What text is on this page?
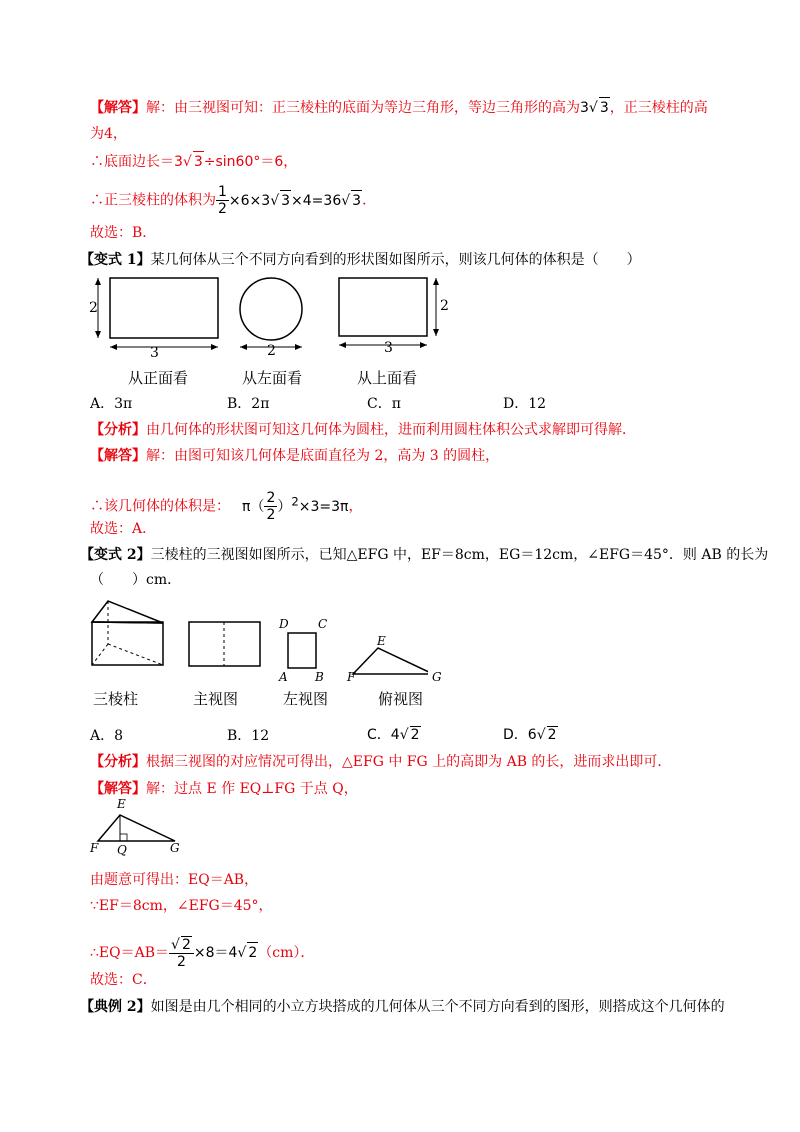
【解答】解：由三视图可知：正三棱柱的底面为等边三角形，等边三角形的高为3√ 3，正三棱柱的高
为4，
∴底面边长＝3√ 3÷sin60°＝6，
∴正三棱柱的体积为 $\frac{1}{2} \times 6\times 3√$ 3×4=36√ 3．
故选：B．
【变式 1】某几何体从三个不同方向看到的形状图如图所示，则该几何体的体积是（　　）
2
3	2
2
3
从正面看	从左面看	从上面看
A．3π	B．2π	C．π	D．12
【分析】由几何体的形状图可知这几何体为圆柱，进而利用圆柱体积公式求解即可得解．
【解答】解：由图可知该几何体是底面直径为 2，高为 3 的圆柱，
∴该几何体的体积是： $\pi( \frac{2}{2} )^2\times 3=3\pi$，
故选：A．
【变式 2】三棱柱的三视图如图所示，已知△EFG 中，EF＝8cm，EG＝12cm，∠EFG＝45°．则 AB 的长为
（　　）cm．
D C
A B
E
F	G
三棱柱	主视图	左视图	俯视图
A．8	B．12	C．4√ 2	D．6√ 2
【分析】根据三视图的对应情况可得出，△EFG 中 FG 上的高即为 AB 的长，进而求出即可．
【解答】解：过点 E 作 EQ⊥FG 于点 Q，
E
F Q	G
由题意可得出：EQ＝AB，
∵EF＝8cm，∠EFG＝45°，
∴EQ＝AB＝ $\frac{√ 2}{2} \times 8=4√$ 2（cm）．
故选：C．
【典例 2】如图是由几个相同的小立方块搭成的几何体从三个不同方向看到的图形，则搭成这个几何体的
